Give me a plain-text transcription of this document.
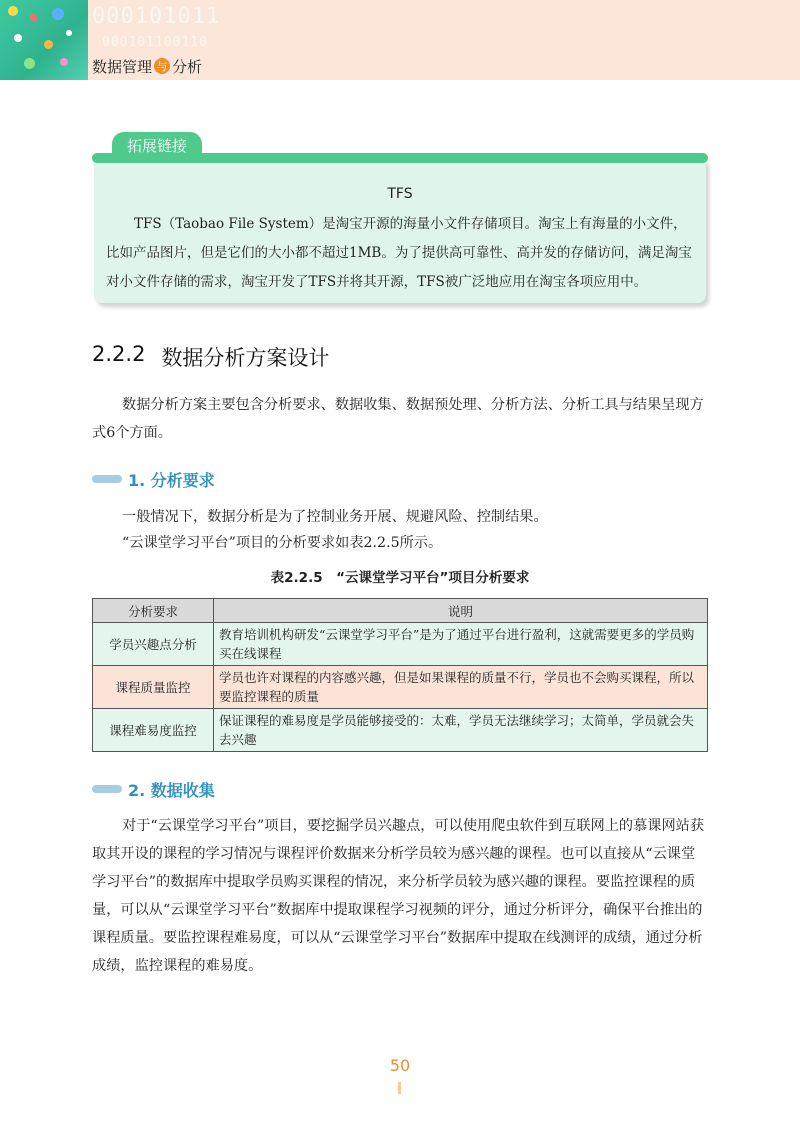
000101011
000101100110
数据管理 与 分析
拓展链接
TFS

TFS（Taobao File System）是淘宝开源的海量小文件存储项目。淘宝上有海量的小文件，比如产品图片，但是它们的大小都不超过1MB。为了提供高可靠性、高并发的存储访问，满足淘宝对小文件存储的需求，淘宝开发了TFS并将其开源，TFS被广泛地应用在淘宝各项应用中。

2.2.2 数据分析方案设计

数据分析方案主要包含分析要求、数据收集、数据预处理、分析方法、分析工具与结果呈现方式6个方面。

1. 分析要求
一般情况下，数据分析是为了控制业务开展、规避风险、控制结果。
“云课堂学习平台”项目的分析要求如表2.2.5所示。
表2.2.5　“云课堂学习平台”项目分析要求
分析要求	说明
学员兴趣点分析	教育培训机构研发“云课堂学习平台”是为了通过平台进行盈利，这就需要更多的学员购买在线课程
课程质量监控	学员也许对课程的内容感兴趣，但是如果课程的质量不行，学员也不会购买课程，所以要监控课程的质量
课程难易度监控	保证课程的难易度是学员能够接受的：太难，学员无法继续学习；太简单，学员就会失去兴趣
2. 数据收集

对于“云课堂学习平台”项目，要挖掘学员兴趣点，可以使用爬虫软件到互联网上的慕课网站获取其开设的课程的学习情况与课程评价数据来分析学员较为感兴趣的课程。也可以直接从“云课堂学习平台”的数据库中提取学员购买课程的情况，来分析学员较为感兴趣的课程。要监控课程的质量，可以从“云课堂学习平台”数据库中提取课程学习视频的评分，通过分析评分，确保平台推出的课程质量。要监控课程难易度，可以从“云课堂学习平台”数据库中提取在线测评的成绩，通过分析成绩，监控课程的难易度。

50
